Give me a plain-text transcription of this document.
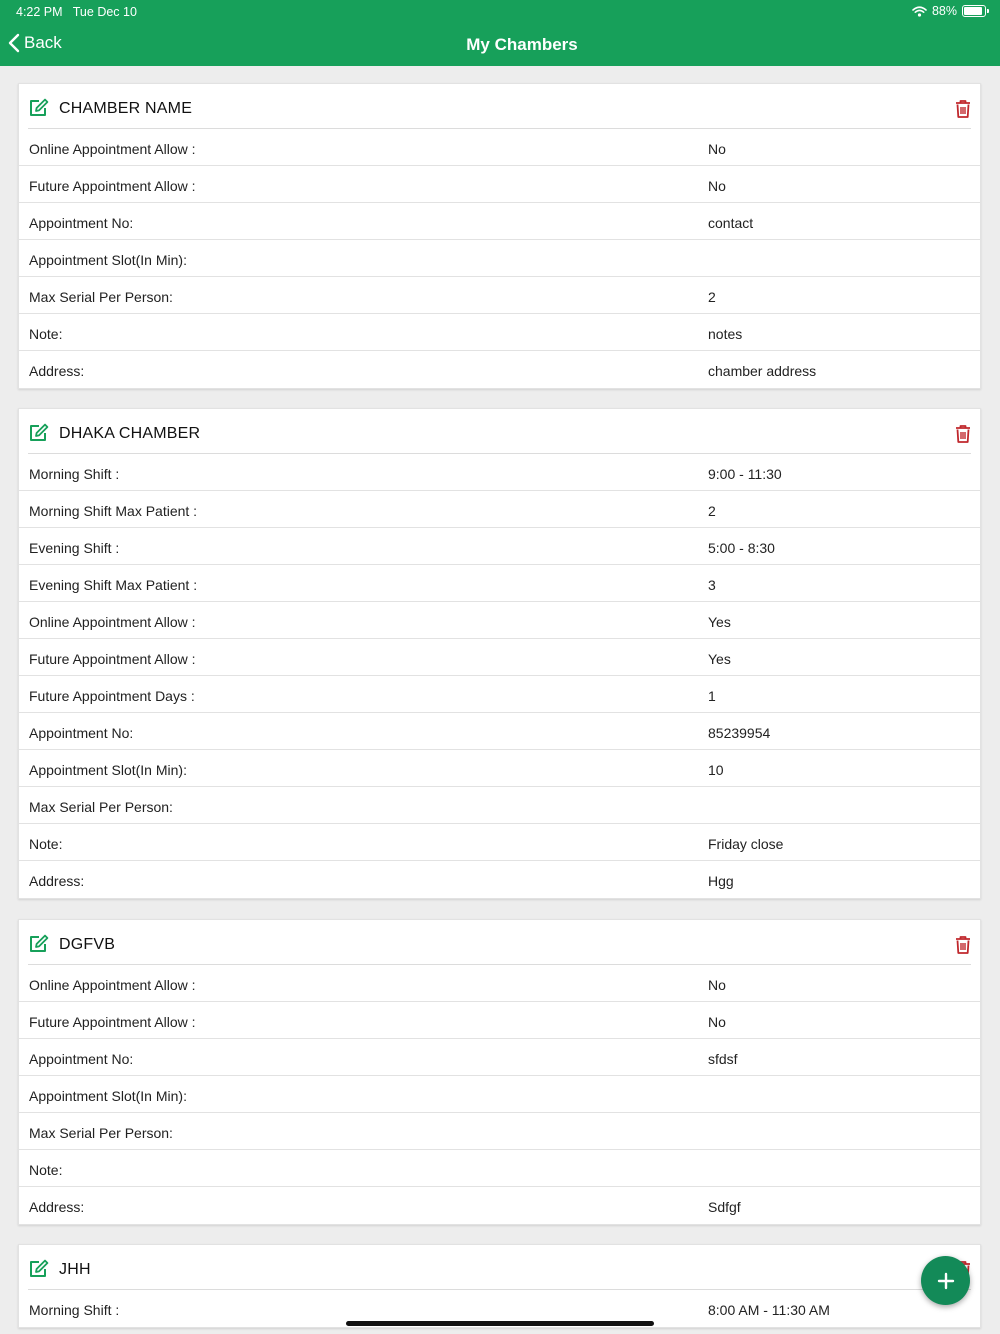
4:22 PM Tue Dec 10	88%
Back	My Chambers
CHAMBER NAME
Online Appointment Allow :	No
Future Appointment Allow :	No
Appointment No:	contact
Appointment Slot(In Min):
Max Serial Per Person:	2
Note:	notes
Address:	chamber address
DHAKA CHAMBER
Morning Shift :	9:00 - 11:30
Morning Shift Max Patient :	2
Evening Shift :	5:00 - 8:30
Evening Shift Max Patient :	3
Online Appointment Allow :	Yes
Future Appointment Allow :	Yes
Future Appointment Days :	1
Appointment No:	85239954
Appointment Slot(In Min):	10
Max Serial Per Person:
Note:	Friday close
Address:	Hgg
DGFVB
Online Appointment Allow :	No
Future Appointment Allow :	No
Appointment No:	sfdsf
Appointment Slot(In Min):
Max Serial Per Person:
Note:
Address:	Sdfgf
JHH
Morning Shift :	8:00 AM - 11:30 AM
